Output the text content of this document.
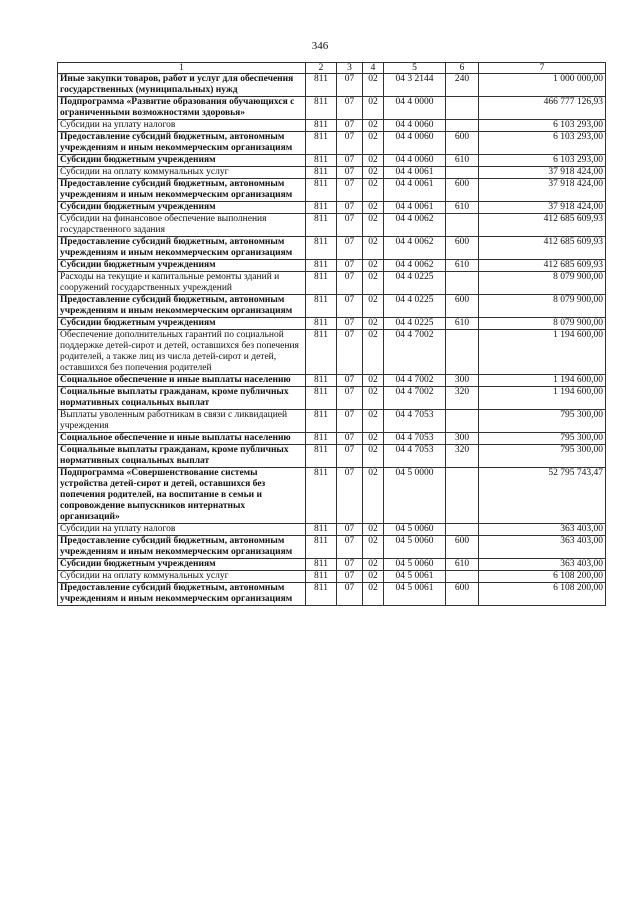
346
1	2	3	4	5	6	7
Иные закупки товаров, работ и услуг для обеспечения государственных (муниципальных) нужд	811	07	02	04 3 2144	240	1 000 000,00
Подпрограмма «Развитие образования обучающихся с ограниченными возможностями здоровья»	811	07	02	04 4 0000		466 777 126,93
Субсидии на уплату налогов	811	07	02	04 4 0060		6 103 293,00
Предоставление субсидий бюджетным, автономным учреждениям и иным некоммерческим организациям	811	07	02	04 4 0060	600	6 103 293,00
Субсидии бюджетным учреждениям	811	07	02	04 4 0060	610	6 103 293,00
Субсидии на оплату коммунальных услуг	811	07	02	04 4 0061		37 918 424,00
Предоставление субсидий бюджетным, автономным учреждениям и иным некоммерческим организациям	811	07	02	04 4 0061	600	37 918 424,00
Субсидии бюджетным учреждениям	811	07	02	04 4 0061	610	37 918 424,00
Субсидии на финансовое обеспечение выполнения государственного задания	811	07	02	04 4 0062		412 685 609,93
Предоставление субсидий бюджетным, автономным учреждениям и иным некоммерческим организациям	811	07	02	04 4 0062	600	412 685 609,93
Субсидии бюджетным учреждениям	811	07	02	04 4 0062	610	412 685 609,93
Расходы на текущие и капитальные ремонты зданий и сооружений государственных учреждений	811	07	02	04 4 0225		8 079 900,00
Предоставление субсидий бюджетным, автономным учреждениям и иным некоммерческим организациям	811	07	02	04 4 0225	600	8 079 900,00
Субсидии бюджетным учреждениям	811	07	02	04 4 0225	610	8 079 900,00
Обеспечение дополнительных гарантий по социальной поддержке детей-сирот и детей, оставшихся без попечения родителей, а также лиц из числа детей-сирот и детей, оставшихся без попечения родителей	811	07	02	04 4 7002		1 194 600,00
Социальное обеспечение и иные выплаты населению	811	07	02	04 4 7002	300	1 194 600,00
Социальные выплаты гражданам, кроме публичных нормативных социальных выплат	811	07	02	04 4 7002	320	1 194 600,00
Выплаты уволенным работникам в связи с ликвидацией учреждения	811	07	02	04 4 7053		795 300,00
Социальное обеспечение и иные выплаты населению	811	07	02	04 4 7053	300	795 300,00
Социальные выплаты гражданам, кроме публичных нормативных социальных выплат	811	07	02	04 4 7053	320	795 300,00
Подпрограмма «Совершенствование системы устройства детей-сирот и детей, оставшихся без попечения родителей, на воспитание в семьи и сопровождение выпускников интернатных организаций»	811	07	02	04 5 0000		52 795 743,47
Субсидии на уплату налогов	811	07	02	04 5 0060		363 403,00
Предоставление субсидий бюджетным, автономным учреждениям и иным некоммерческим организациям	811	07	02	04 5 0060	600	363 403,00
Субсидии бюджетным учреждениям	811	07	02	04 5 0060	610	363 403,00
Субсидии на оплату коммунальных услуг	811	07	02	04 5 0061		6 108 200,00
Предоставление субсидий бюджетным, автономным учреждениям и иным некоммерческим организациям	811	07	02	04 5 0061	600	6 108 200,00
